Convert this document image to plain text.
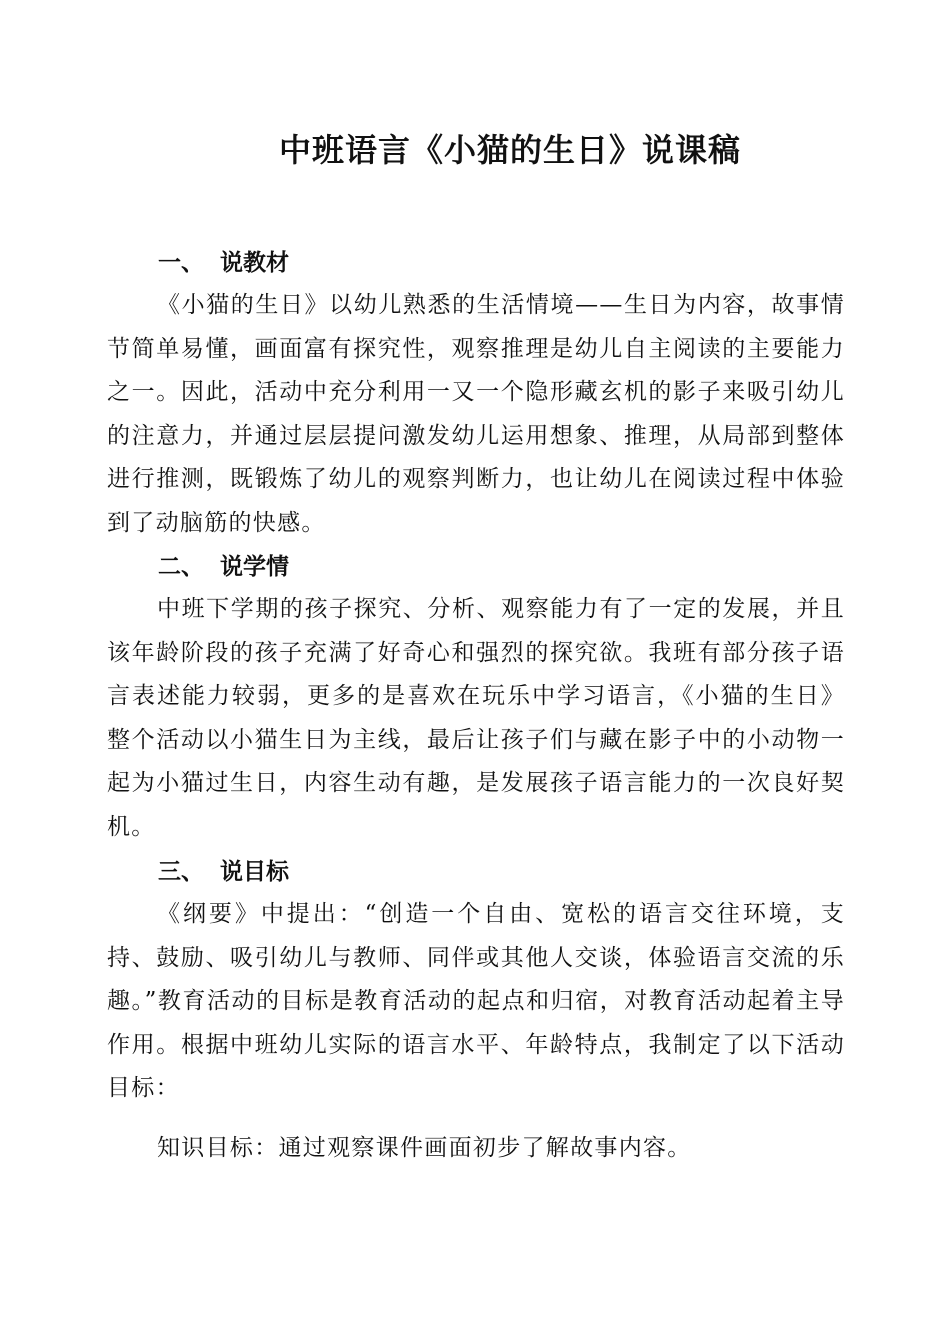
中班语言《小猫的生日》说课稿
一、 说教材
《小猫的生日》以幼儿熟悉的生活情境——生日为内容，故事情节简单易懂，画面富有探究性，观察推理是幼儿自主阅读的主要能力之一。因此，活动中充分利用一又一个隐形藏玄机的影子来吸引幼儿的注意力，并通过层层提问激发幼儿运用想象、推理，从局部到整体进行推测，既锻炼了幼儿的观察判断力，也让幼儿在阅读过程中体验到了动脑筋的快感。
二、 说学情
中班下学期的孩子探究、分析、观察能力有了一定的发展，并且该年龄阶段的孩子充满了好奇心和强烈的探究欲。我班有部分孩子语言表述能力较弱，更多的是喜欢在玩乐中学习语言，《小猫的生日》整个活动以小猫生日为主线，最后让孩子们与藏在影子中的小动物一起为小猫过生日，内容生动有趣，是发展孩子语言能力的一次良好契机。
三、 说目标
《纲要》中提出：“创造一个自由、宽松的语言交往环境，支持、鼓励、吸引幼儿与教师、同伴或其他人交谈，体验语言交流的乐趣。”教育活动的目标是教育活动的起点和归宿，对教育活动起着主导作用。根据中班幼儿实际的语言水平、年龄特点，我制定了以下活动目标：
知识目标：通过观察课件画面初步了解故事内容。
